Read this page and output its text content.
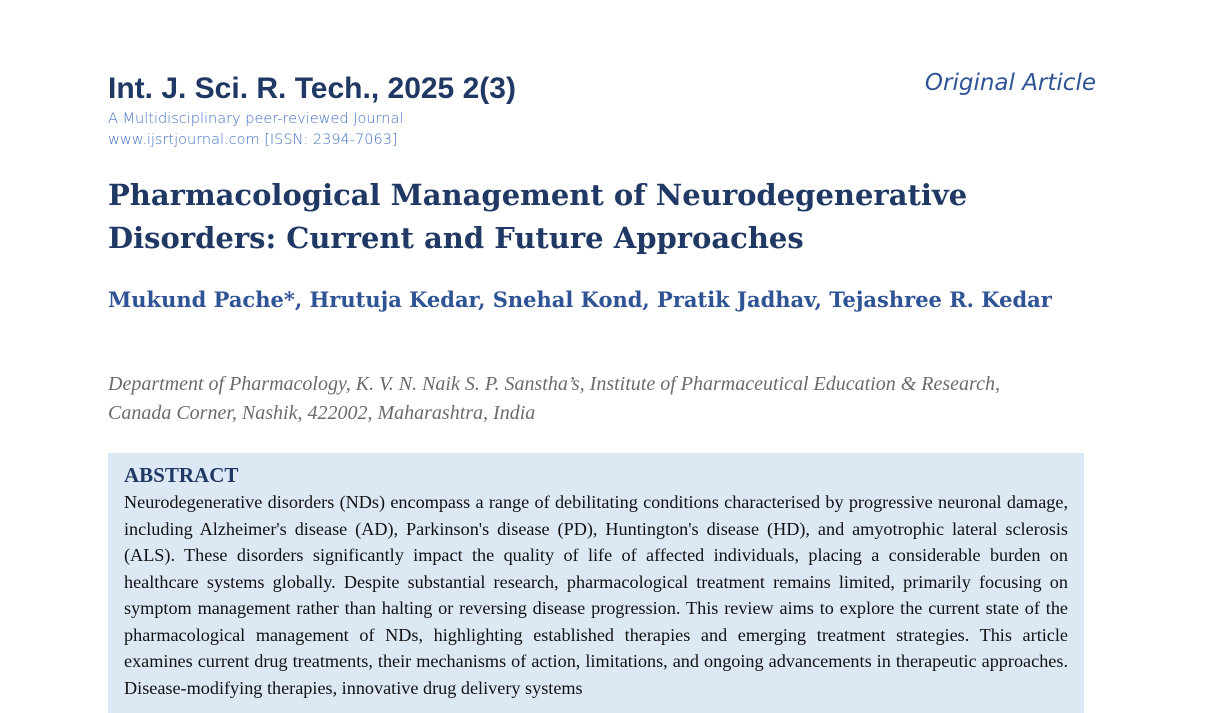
Int. J. Sci. R. Tech., 2025 2(3)	Original Article
A Multidisciplinary peer-reviewed Journal
www.ijsrtjournal.com [ISSN: 2394-7063]
Pharmacological Management of Neurodegenerative Disorders: Current and Future Approaches
Mukund Pache*, Hrutuja Kedar, Snehal Kond, Pratik Jadhav, Tejashree R. Kedar
Department of Pharmacology, K. V. N. Naik S. P. Sanstha’s, Institute of Pharmaceutical Education & Research, Canada Corner, Nashik, 422002, Maharashtra, India
ABSTRACT
Neurodegenerative disorders (NDs) encompass a range of debilitating conditions characterised by progressive neuronal damage, including Alzheimer's disease (AD), Parkinson's disease (PD), Huntington's disease (HD), and amyotrophic lateral sclerosis (ALS). These disorders significantly impact the quality of life of affected individuals, placing a considerable burden on healthcare systems globally. Despite substantial research, pharmacological treatment remains limited, primarily focusing on symptom management rather than halting or reversing disease progression. This review aims to explore the current state of the pharmacological management of NDs, highlighting established therapies and emerging treatment strategies. This article examines current drug treatments, their mechanisms of action, limitations, and ongoing advancements in therapeutic approaches. Disease-modifying therapies, innovative drug delivery systems
